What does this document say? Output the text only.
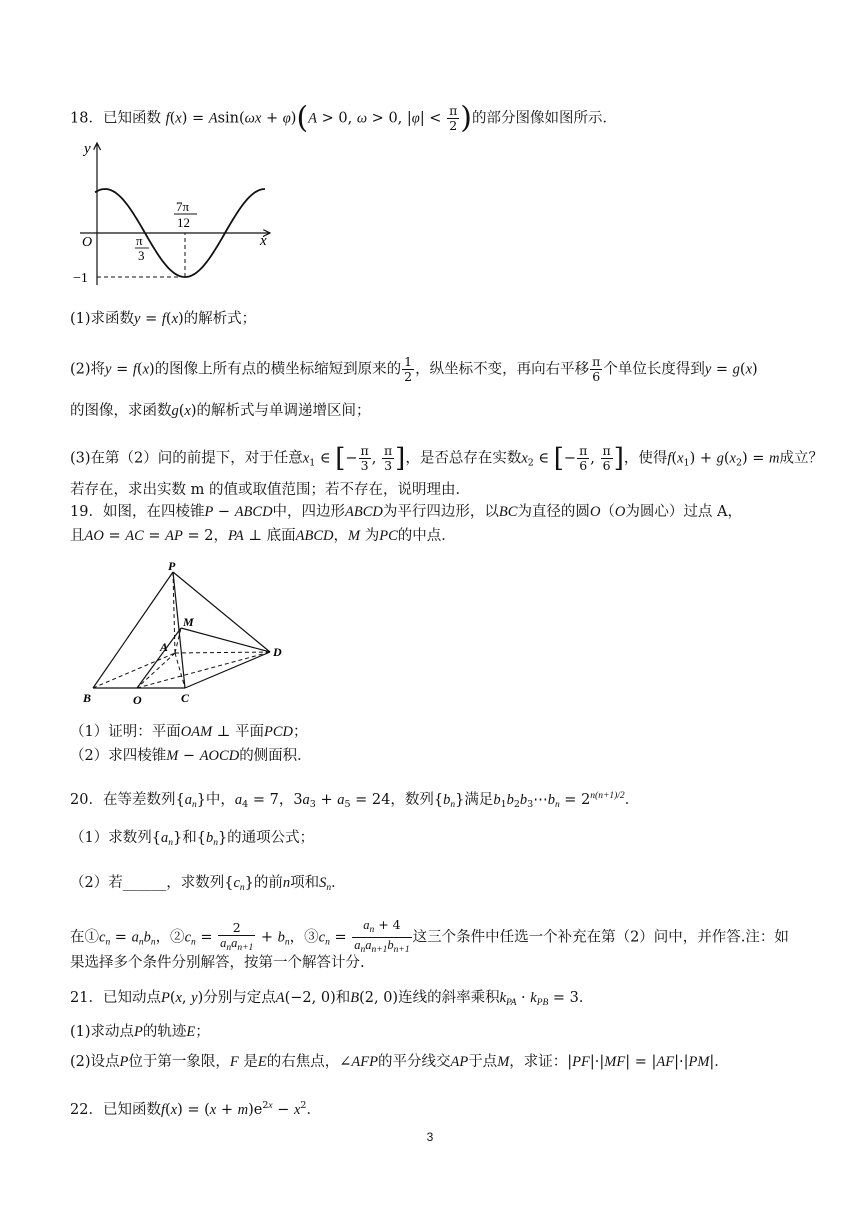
18．已知函数 f(x) = Asin(ωx + φ)(A > 0, ω > 0, $|\varphi| < \frac{\pi}{2}$ )的部分图像如图所示．
y
x
O	π
3
7π
12
−1
(1)求函数y = f(x)的解析式；
(2)将y = f(x)的图像上所有点的横坐标缩短到原来的 $\frac{1}{2}$ ，纵坐标不变，再向右平移 $\frac{\pi}{6}$ 个单位长度得到y = g(x)
的图像，求函数g(x)的解析式与单调递增区间；
(3)在第（2）问的前提下，对于任意$x_1$ ∈ [− $\frac{\pi}{3}$ , $\frac{\pi}{3}$ ]，是否总存在实数$x_2$ ∈ [− $\frac{\pi}{6}$ , $\frac{\pi}{6}$ ]，使得$f(x_1) + g(x_2) = m$成立？
若存在，求出实数 m 的值或取值范围；若不存在，说明理由．
19．如图，在四棱锥P − ABCD中，四边形ABCD为平行四边形，以BC为直径的圆O（O为圆心）过点 A，
且AO = AC = AP = 2，PA ⊥ 底面ABCD，M 为PC的中点．
P
M
A	D
B	O	C
（1）证明：平面OAM ⊥ 平面PCD；
（2）求四棱锥M − AOCD的侧面积．
20．在等差数列$\{a_n\}$中，$a_4 = 7$，$3a_3 + a_5 = 24$，数列$\{b_n\}$满足$b_1b_2b_3\cdots b_n = 2^{n(n+1)/2}$．
（1）求数列$\{a_n\}$和$\{b_n\}$的通项公式；
（2）若______，求数列$\{c_n\}$的前n项和$S_n$．
在$①c_n = a_nb_n$，$②c_n = \frac{2}{a_na_{n+1}} + b_n$，$③c_n = \frac{a_n + 4}{a_na_{n+1}b_{n+1}}$ 这三个条件中任选一个补充在第（2）问中，并作答.注：如
果选择多个条件分别解答，按第一个解答计分.
21．已知动点P(x, y)分别与定点A(−2, 0)和B(2, 0)连线的斜率乘积$k_{PA} \cdot k_{PB} = 3$．
(1)求动点P的轨迹E；
(2)设点P位于第一象限，F 是E的右焦点，∠AFP的平分线交AP于点M，求证：|PF|·|MF| = |AF|·|PM|．
22．已知函数$f(x) = (x + m)e^{2x} - x^2$．
3
